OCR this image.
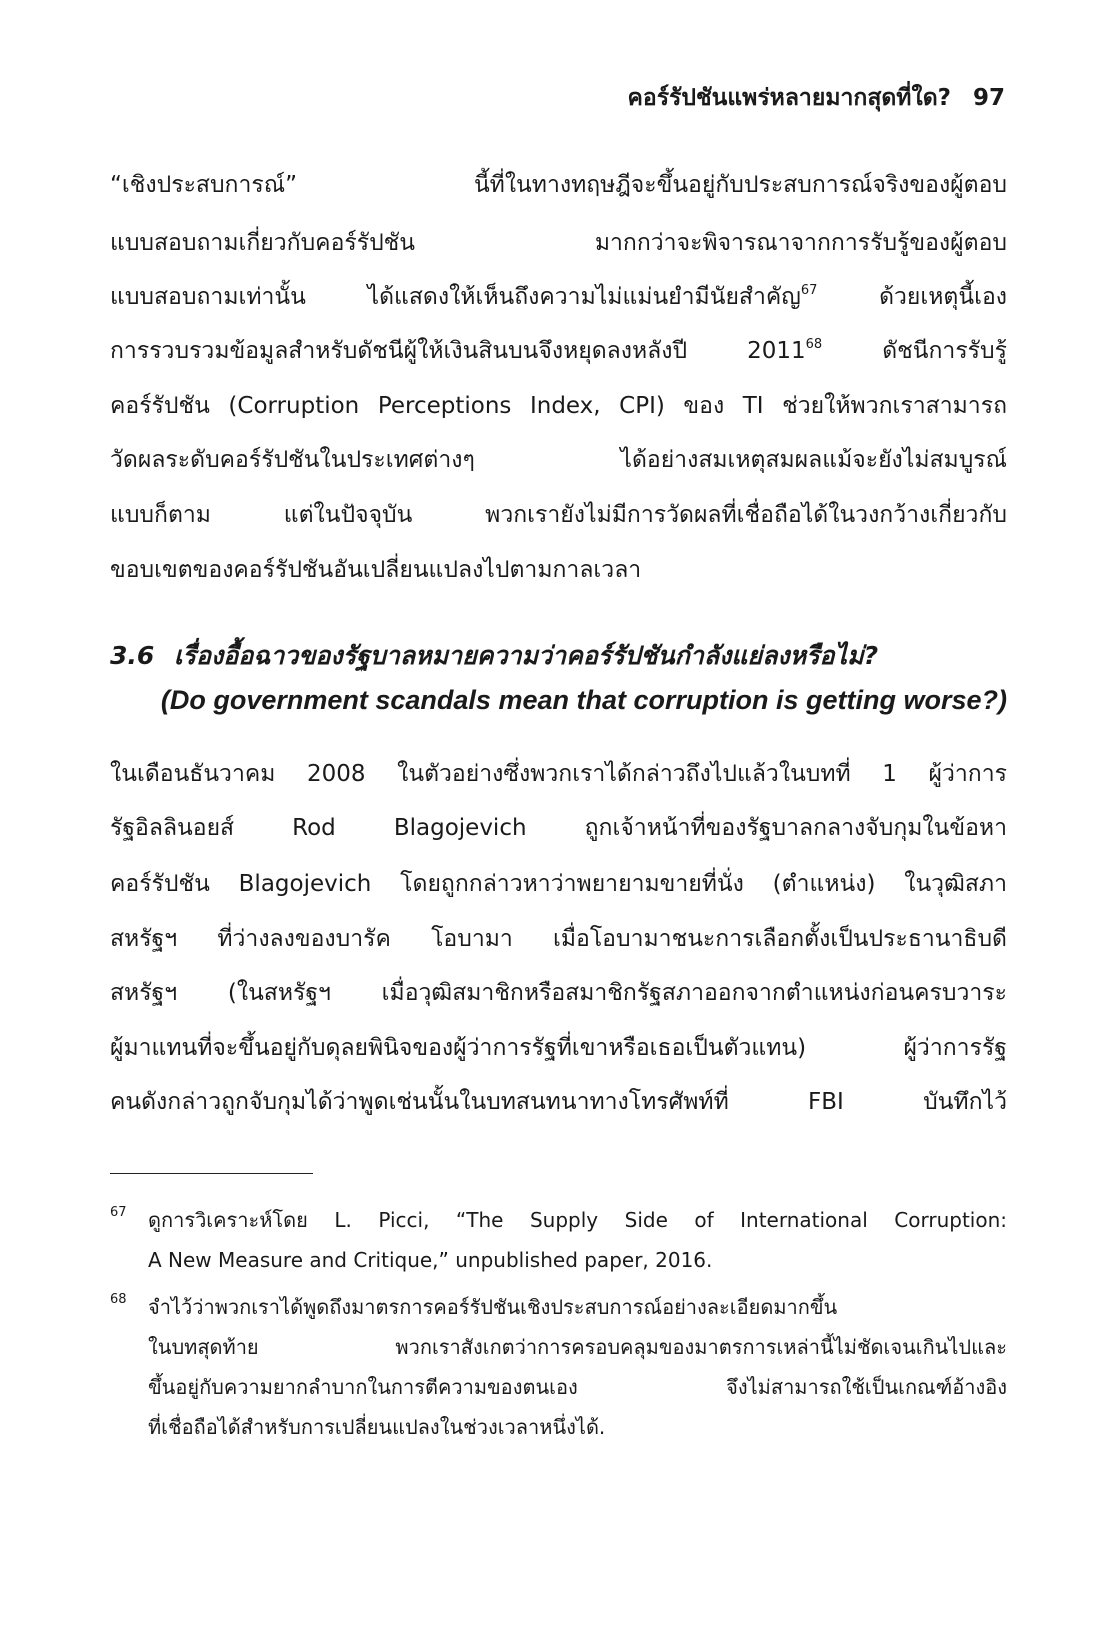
คอร์รัปชันแพร่หลายมากสุดที่ใด? 97
“เชิงประสบการณ์” นี้ที่ในทางทฤษฎีจะขึ้นอยู่กับประสบการณ์จริงของผู้ตอบ
แบบสอบถามเกี่ยวกับคอร์รัปชัน มากกว่าจะพิจารณาจากการรับรู้ของผู้ตอบ
แบบสอบถามเท่านั้น ได้แสดงให้เห็นถึงความไม่แม่นยำมีนัยสำคัญ$^{67}$	ด้วยเหตุนี้เอง
การรวบรวมข้อมูลสำหรับดัชนีผู้ให้เงินสินบนจึงหยุดลงหลังปี 2011$^{68}$	ดัชนีการรับรู้
คอร์รัปชัน (Corruption Perceptions Index, CPI) ของ TI ช่วยให้พวกเราสามารถ
วัดผลระดับคอร์รัปชันในประเทศต่างๆ ได้อย่างสมเหตุสมผลแม้จะยังไม่สมบูรณ์
แบบก็ตาม แต่ในปัจจุบัน พวกเรายังไม่มีการวัดผลที่เชื่อถือได้ในวงกว้างเกี่ยวกับ
ขอบเขตของคอร์รัปชันอันเปลี่ยนแปลงไปตามกาลเวลา
3.6 เรื่องอื้อฉาวของรัฐบาลหมายความว่าคอร์รัปชันกำลังแย่ลงหรือไม่?
(Do government scandals mean that corruption is getting worse?)
ในเดือนธันวาคม 2008 ในตัวอย่างซึ่งพวกเราได้กล่าวถึงไปแล้วในบทที่ 1 ผู้ว่าการ
รัฐอิลลินอยส์ Rod Blagojevich ถูกเจ้าหน้าที่ของรัฐบาลกลางจับกุมในข้อหา
คอร์รัปชัน Blagojevich โดยถูกกล่าวหาว่าพยายามขายที่นั่ง (ตำแหน่ง) ในวุฒิสภา
สหรัฐฯ ที่ว่างลงของบารัค โอบามา เมื่อโอบามาชนะการเลือกตั้งเป็นประธานาธิบดี
สหรัฐฯ (ในสหรัฐฯ เมื่อวุฒิสมาชิกหรือสมาชิกรัฐสภาออกจากตำแหน่งก่อนครบวาระ
ผู้มาแทนที่จะขึ้นอยู่กับดุลยพินิจของผู้ว่าการรัฐที่เขาหรือเธอเป็นตัวแทน) ผู้ว่าการรัฐ
คนดังกล่าวถูกจับกุมได้ว่าพูดเช่นนั้นในบทสนทนาทางโทรศัพท์ที่ FBI บันทึกไว้
67 ดูการวิเคราะห์โดย L. Picci, “The Supply Side of International Corruption:
A New Measure and Critique,” unpublished paper, 2016.
68 จำไว้ว่าพวกเราได้พูดถึงมาตรการคอร์รัปชันเชิงประสบการณ์อย่างละเอียดมากขึ้น
ในบทสุดท้าย พวกเราสังเกตว่าการครอบคลุมของมาตรการเหล่านี้ไม่ชัดเจนเกินไปและ
ขึ้นอยู่กับความยากลำบากในการตีความของตนเอง จึงไม่สามารถใช้เป็นเกณฑ์อ้างอิง
ที่เชื่อถือได้สำหรับการเปลี่ยนแปลงในช่วงเวลาหนึ่งได้.
